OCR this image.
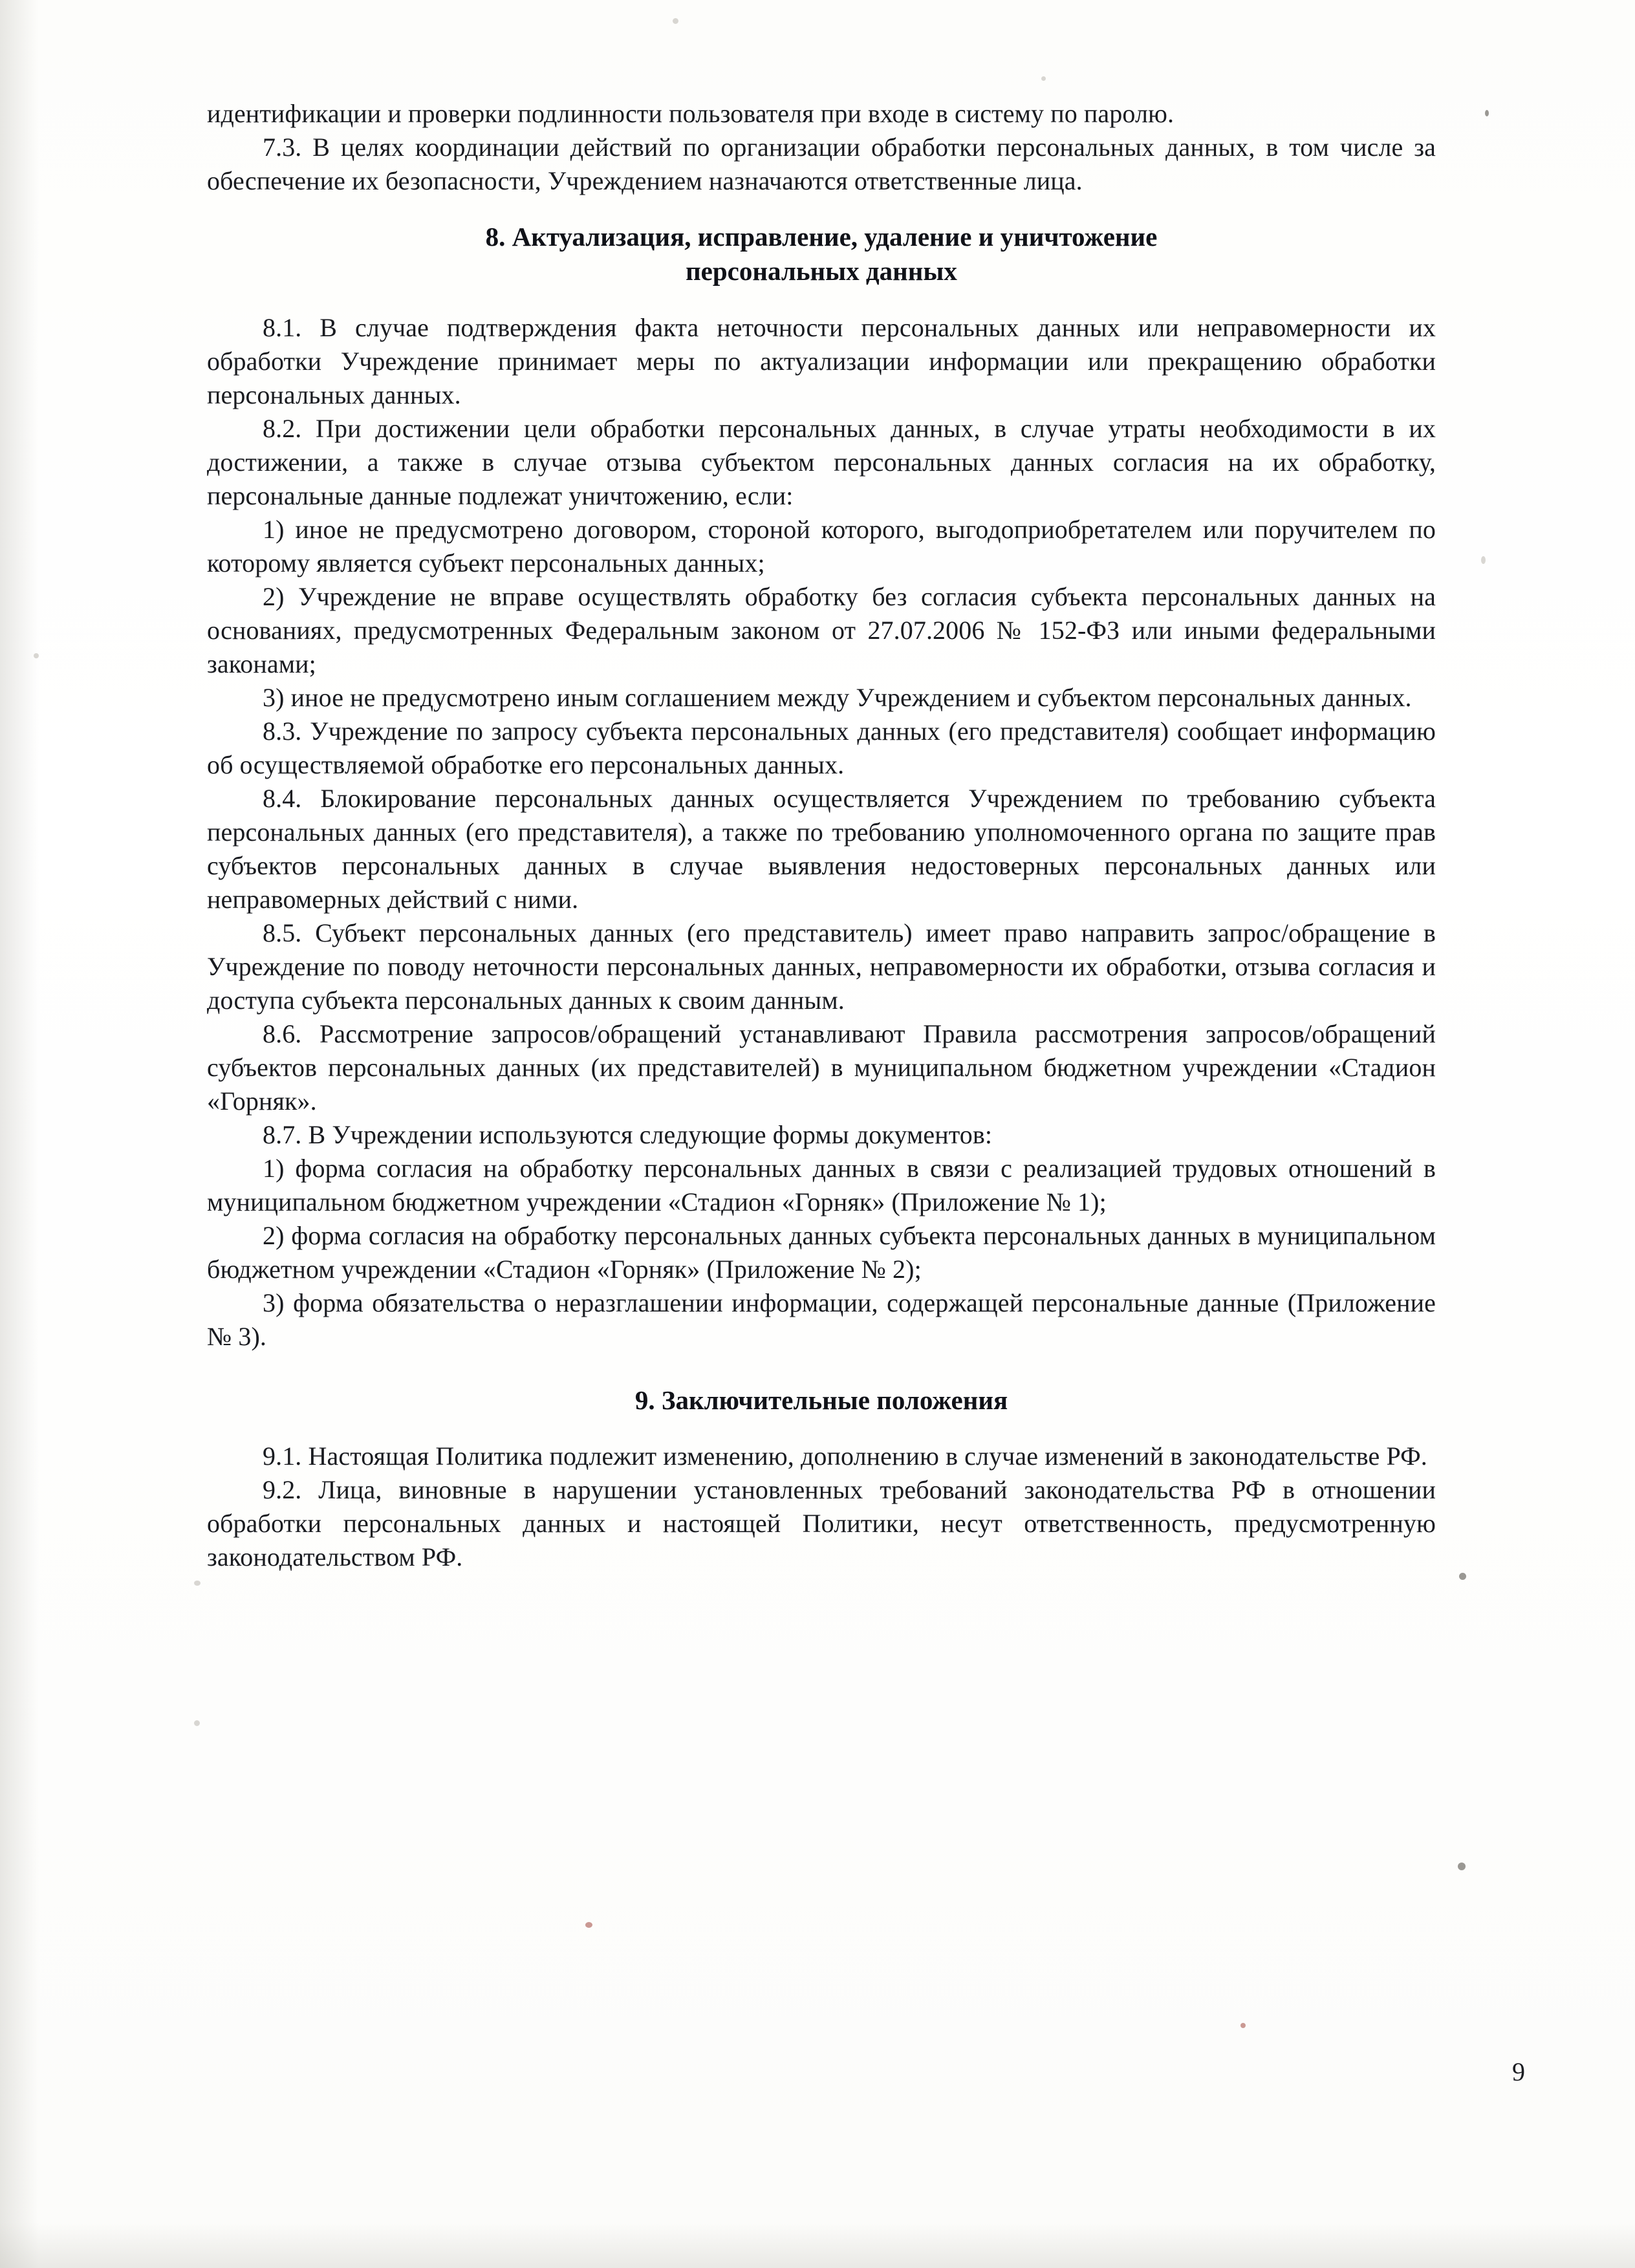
идентификации и проверки подлинности пользователя при входе в систему по паролю.

7.3. В целях координации действий по организации обработки персональных данных, в том числе за обеспечение их безопасности, Учреждением назначаются ответственные лица.

8. Актуализация, исправление, удаление и уничтожение
персональных данных

8.1. В случае подтверждения факта неточности персональных данных или неправомерности их обработки Учреждение принимает меры по актуализации информации или прекращению обработки персональных данных.

8.2. При достижении цели обработки персональных данных, в случае утраты необходимости в их достижении, а также в случае отзыва субъектом персональных данных согласия на их обработку, персональные данные подлежат уничтожению, если:

1) иное не предусмотрено договором, стороной которого, выгодоприобретателем или поручителем по которому является субъект персональных данных;

2) Учреждение не вправе осуществлять обработку без согласия субъекта персональных данных на основаниях, предусмотренных Федеральным законом от 27.07.2006 № 152-ФЗ или иными федеральными законами;

3) иное не предусмотрено иным соглашением между Учреждением и субъектом персональных данных.

8.3. Учреждение по запросу субъекта персональных данных (его представителя) сообщает информацию об осуществляемой обработке его персональных данных.

8.4. Блокирование персональных данных осуществляется Учреждением по требованию субъекта персональных данных (его представителя), а также по требованию уполномоченного органа по защите прав субъектов персональных данных в случае выявления недостоверных персональных данных или неправомерных действий с ними.

8.5. Субъект персональных данных (его представитель) имеет право направить запрос/обращение в Учреждение по поводу неточности персональных данных, неправомерности их обработки, отзыва согласия и доступа субъекта персональных данных к своим данным.

8.6. Рассмотрение запросов/обращений устанавливают Правила рассмотрения запросов/обращений субъектов персональных данных (их представителей) в муниципальном бюджетном учреждении «Стадион «Горняк».

8.7. В Учреждении используются следующие формы документов:

1) форма согласия на обработку персональных данных в связи с реализацией трудовых отношений в муниципальном бюджетном учреждении «Стадион «Горняк» (Приложение № 1);

2) форма согласия на обработку персональных данных субъекта персональных данных в муниципальном бюджетном учреждении «Стадион «Горняк» (Приложение № 2);

3) форма обязательства о неразглашении информации, содержащей персональные данные (Приложение № 3).

9. Заключительные положения

9.1. Настоящая Политика подлежит изменению, дополнению в случае изменений в законодательстве РФ.

9.2. Лица, виновные в нарушении установленных требований законодательства РФ в отношении обработки персональных данных и настоящей Политики, несут ответственность, предусмотренную законодательством РФ.

9
